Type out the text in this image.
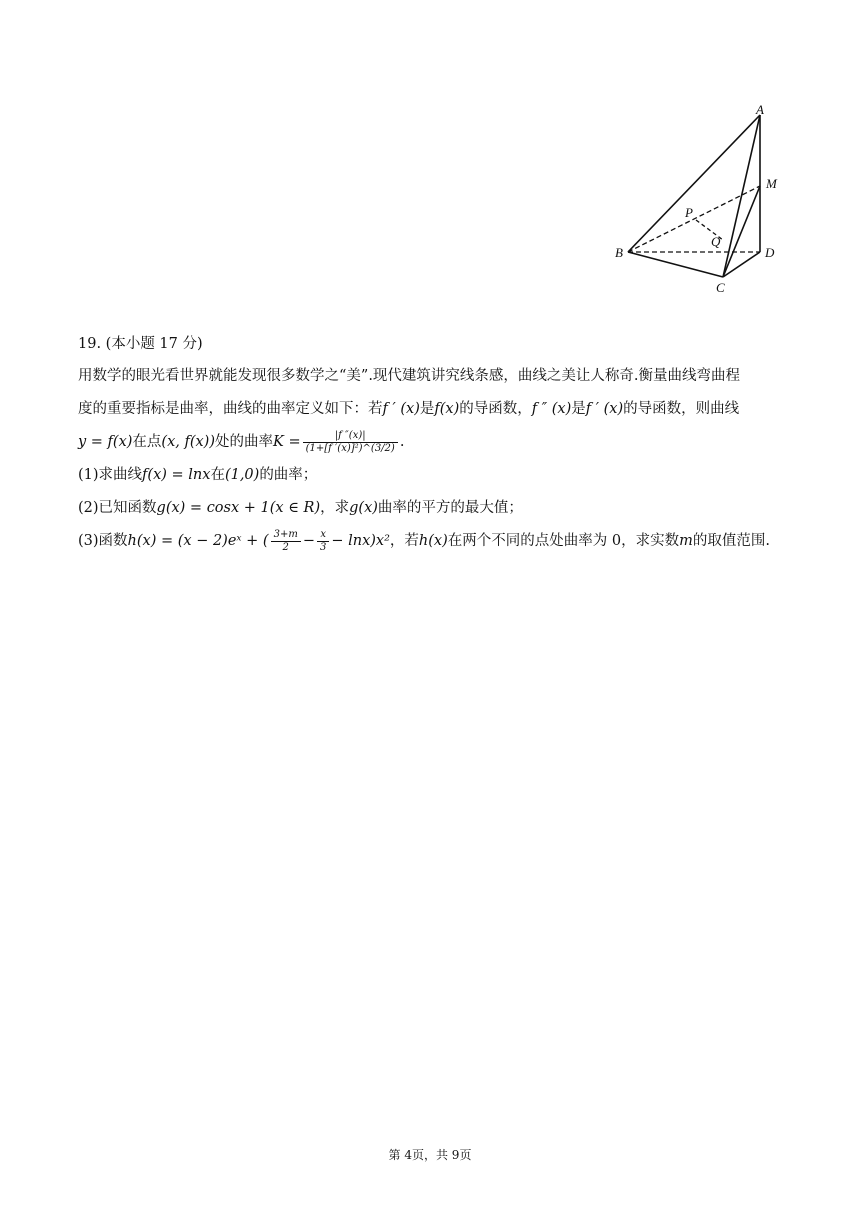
A
B
C
D
M
P
Q
19. (本小题 17 分)
用数学的眼光看世界就能发现很多数学之“美”.现代建筑讲究线条感，曲线之美让人称奇.衡量曲线弯曲程
度的重要指标是曲率，曲线的曲率定义如下：若f ′ (x)是f(x)的导函数，f ″ (x)是f ′ (x)的导函数，则曲线
y = f(x)在点(x, f(x))处的曲率$K = \frac{|f ''(x)|}{\text{(1+[f ′(x)]²)\textasciicircum{}(3/2)}}$ .
(1)求曲线f(x) = lnx在(1,0)的曲率；
(2)已知函数g(x) = cosx + 1(x ∈ R)，求g(x)曲率的平方的最大值；
(3)函数h(x) = (x − 2)eˣ + ( $\frac{3+m}{2} - \frac{x}{3} - \ln x)x^2$，若h(x)在两个不同的点处曲率为 0，求实数m的取值范围.
第 4页，共 9页
